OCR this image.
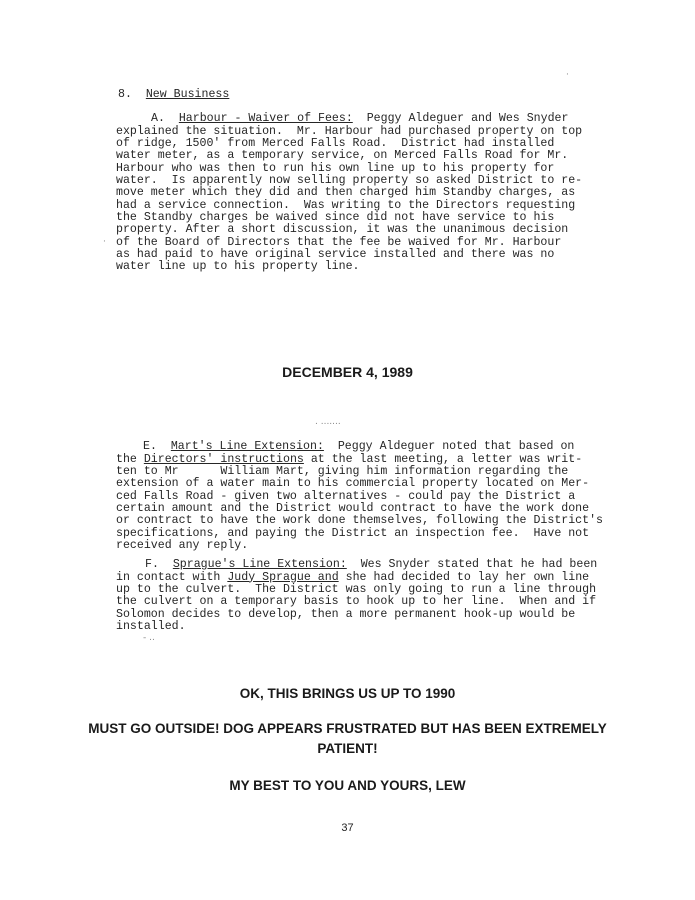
8. New Business
A. Harbour - Waiver of Fees: Peggy Aldeguer and Wes Snyder
explained the situation.  Mr. Harbour had purchased property on top
of ridge, 1500' from Merced Falls Road.  District had installed
water meter, as a temporary service, on Merced Falls Road for Mr.
Harbour who was then to run his own line up to his property for
water.  Is apparently now selling property so asked District to re-
move meter which they did and then charged him Standby charges, as
had a service connection.  Was writing to the Directors requesting
the Standby charges be waived since did not have service to his
property. After a short discussion, it was the unanimous decision
of the Board of Directors that the fee be waived for Mr. Harbour
as had paid to have original service installed and there was no
water line up to his property line.
DECEMBER 4, 1989
E. Mart's Line Extension: Peggy Aldeguer noted that based on
the Directors' instructions at the last meeting, a letter was writ-
ten to Mr      William Mart, giving him information regarding the
extension of a water main to his commercial property located on Mer-
ced Falls Road - given two alternatives - could pay the District a
certain amount and the District would contract to have the work done
or contract to have the work done themselves, following the District's
specifications, and paying the District an inspection fee.  Have not
received any reply.
F. Sprague's Line Extension: Wes Snyder stated that he had been
in contact with Judy Sprague and she had decided to lay her own line
up to the culvert.  The District was only going to run a line through
the culvert on a temporary basis to hook up to her line.  When and if
Solomon decides to develop, then a more permanent hook-up would be
installed.
OK, THIS BRINGS US UP TO 1990
MUST GO OUTSIDE! DOG APPEARS FRUSTRATED BUT HAS BEEN EXTREMELY
PATIENT!
MY BEST TO YOU AND YOURS, LEW
37
·
·
. .......
- ..
